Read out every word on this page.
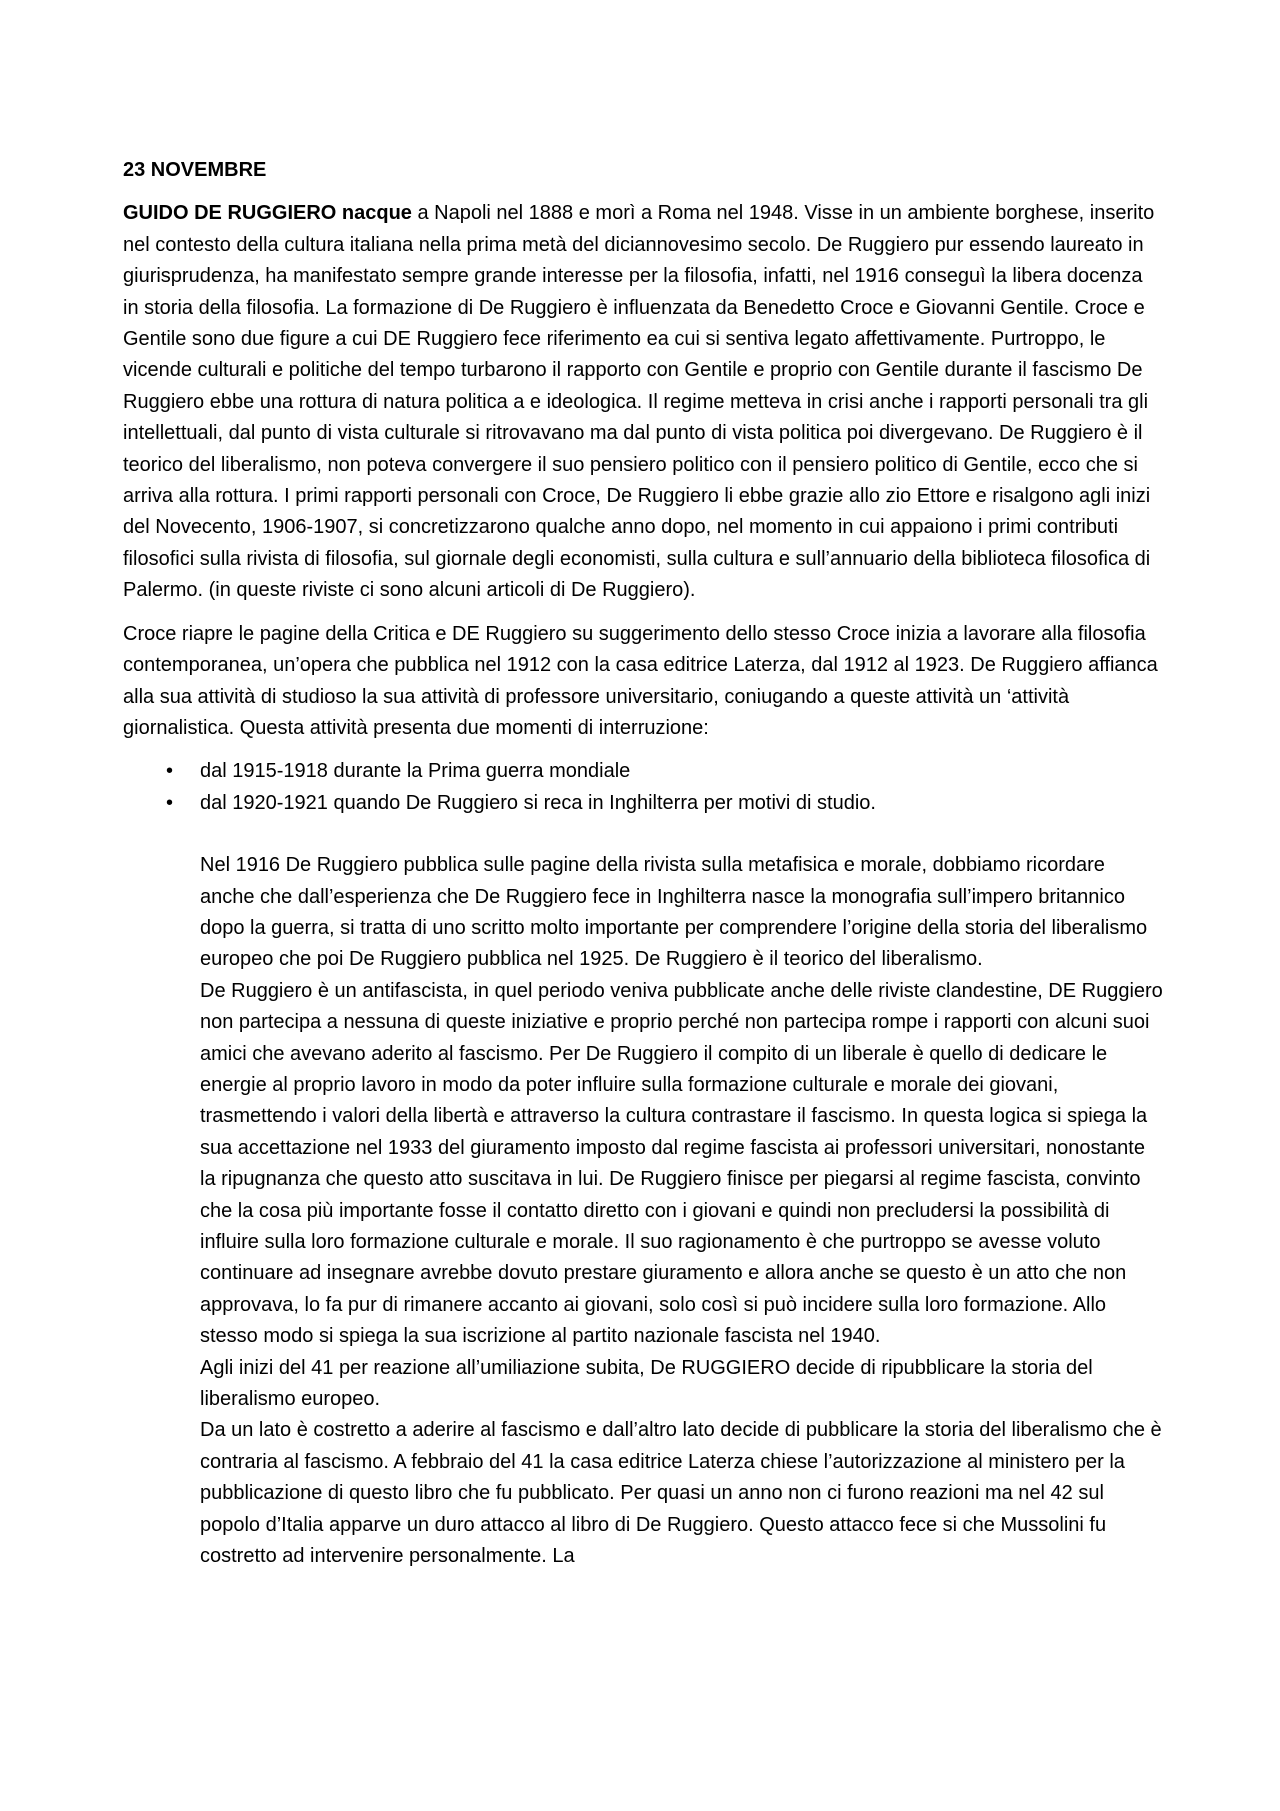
23 NOVEMBRE

GUIDO DE RUGGIERO nacque a Napoli nel 1888 e morì a Roma nel 1948. Visse in un ambiente borghese, inserito nel contesto della cultura italiana nella prima metà del diciannovesimo secolo. De Ruggiero pur essendo laureato in giurisprudenza, ha manifestato sempre grande interesse per la filosofia, infatti, nel 1916 conseguì la libera docenza in storia della filosofia. La formazione di De Ruggiero è influenzata da Benedetto Croce e Giovanni Gentile. Croce e Gentile sono due figure a cui DE Ruggiero fece riferimento ea cui si sentiva legato affettivamente. Purtroppo, le vicende culturali e politiche del tempo turbarono il rapporto con Gentile e proprio con Gentile durante il fascismo De Ruggiero ebbe una rottura di natura politica a e ideologica. Il regime metteva in crisi anche i rapporti personali tra gli intellettuali, dal punto di vista culturale si ritrovavano ma dal punto di vista politica poi divergevano. De Ruggiero è il teorico del liberalismo, non poteva convergere il suo pensiero politico con il pensiero politico di Gentile, ecco che si arriva alla rottura. I primi rapporti personali con Croce, De Ruggiero li ebbe grazie allo zio Ettore e risalgono agli inizi del Novecento, 1906-1907, si concretizzarono qualche anno dopo, nel momento in cui appaiono i primi contributi filosofici sulla rivista di filosofia, sul giornale degli economisti, sulla cultura e sull’annuario della biblioteca filosofica di Palermo. (in queste riviste ci sono alcuni articoli di De Ruggiero).

Croce riapre le pagine della Critica e DE Ruggiero su suggerimento dello stesso Croce inizia a lavorare alla filosofia contemporanea, un’opera che pubblica nel 1912 con la casa editrice Laterza, dal 1912 al 1923. De Ruggiero affianca alla sua attività di studioso la sua attività di professore universitario, coniugando a queste attività un ‘attività giornalistica. Questa attività presenta due momenti di interruzione:

• dal 1915-1918 durante la Prima guerra mondiale
• dal 1920-1921 quando De Ruggiero si reca in Inghilterra per motivi di studio.

Nel 1916 De Ruggiero pubblica sulle pagine della rivista sulla metafisica e morale, dobbiamo ricordare anche che dall’esperienza che De Ruggiero fece in Inghilterra nasce la monografia sull’impero britannico dopo la guerra, si tratta di uno scritto molto importante per comprendere l’origine della storia del liberalismo europeo che poi De Ruggiero pubblica nel 1925. De Ruggiero è il teorico del liberalismo.

De Ruggiero è un antifascista, in quel periodo veniva pubblicate anche delle riviste clandestine, DE Ruggiero non partecipa a nessuna di queste iniziative e proprio perché non partecipa rompe i rapporti con alcuni suoi amici che avevano aderito al fascismo. Per De Ruggiero il compito di un liberale è quello di dedicare le energie al proprio lavoro in modo da poter influire sulla formazione culturale e morale dei giovani, trasmettendo i valori della libertà e attraverso la cultura contrastare il fascismo. In questa logica si spiega la sua accettazione nel 1933 del giuramento imposto dal regime fascista ai professori universitari, nonostante la ripugnanza che questo atto suscitava in lui. De Ruggiero finisce per piegarsi al regime fascista, convinto che la cosa più importante fosse il contatto diretto con i giovani e quindi non precludersi la possibilità di influire sulla loro formazione culturale e morale. Il suo ragionamento è che purtroppo se avesse voluto continuare ad insegnare avrebbe dovuto prestare giuramento e allora anche se questo è un atto che non approvava, lo fa pur di rimanere accanto ai giovani, solo così si può incidere sulla loro formazione. Allo stesso modo si spiega la sua iscrizione al partito nazionale fascista nel 1940.

Agli inizi del 41 per reazione all’umiliazione subita, De RUGGIERO decide di ripubblicare la storia del liberalismo europeo.

Da un lato è costretto a aderire al fascismo e dall’altro lato decide di pubblicare la storia del liberalismo che è contraria al fascismo. A febbraio del 41 la casa editrice Laterza chiese l’autorizzazione al ministero per la pubblicazione di questo libro che fu pubblicato. Per quasi un anno non ci furono reazioni ma nel 42 sul popolo d’Italia apparve un duro attacco al libro di De Ruggiero. Questo attacco fece si che Mussolini fu costretto ad intervenire personalmente. La
